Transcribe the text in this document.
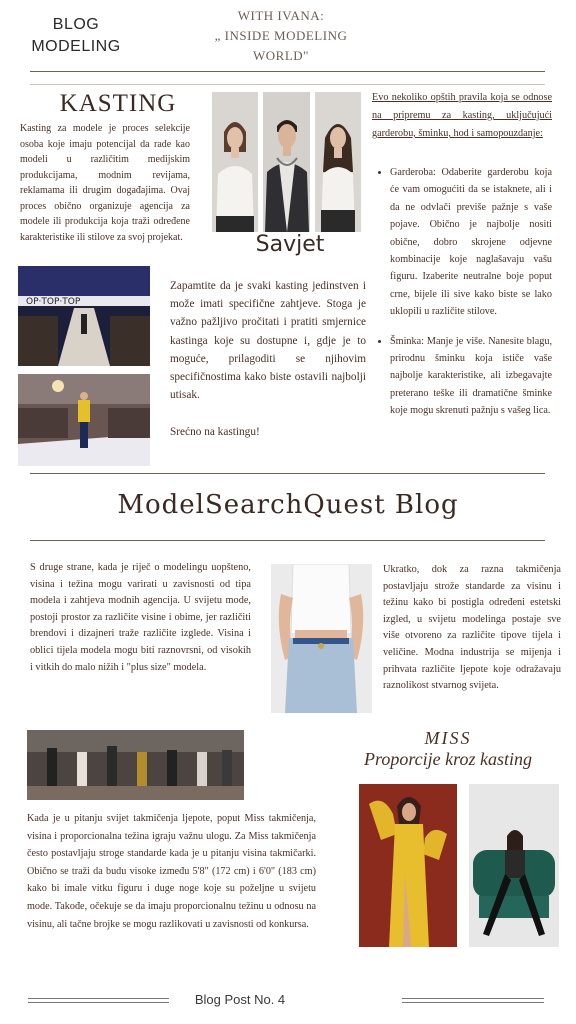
BLOG
MODELING
WITH IVANA:
„ INSIDE MODELING
WORLD"
KASTING
Kasting za modele je proces selekcije osoba koje imaju potencijal da rade kao modeli u različitim medijskim produkcijama, modnim revijama, reklamama ili drugim događajima. Ovaj proces obično organizuje agencija za modele ili produkcija koja traži određene karakteristike ili stilove za svoj projekat.	Savjet
OP·TOP·TOP
Zapamtite da je svaki kasting jedinstven i može imati specifične zahtjeve. Stoga je važno pažljivo pročitati i pratiti smjernice kastinga koje su dostupne i, gdje je to moguće, prilagoditi se njihovim specifičnostima kako biste ostavili najbolji utisak.
Srećno na kastingu!
Evo nekoliko opštih pravila koja se odnose na pripremu za kasting, uključujući garderobu, šminku, hod i samopouzdanje:
• Garderoba: Odaberite garderobu koja će vam omogućiti da se istaknete, ali i da ne odvlači previše pažnje s vaše pojave. Obično je najbolje nositi obične, dobro skrojene odjevne kombinacije koje naglašavaju vašu figuru. Izaberite neutralne boje poput crne, bijele ili sive kako biste se lako uklopili u različite stilove.
• Šminka: Manje je više. Nanesite blagu, prirodnu šminku koja ističe vaše najbolje karakteristike, ali izbegavajte preterano teške ili dramatične šminke koje mogu skrenuti pažnju s vašeg lica.
ModelSearchQuest Blog
S druge strane, kada je riječ o modelingu uopšteno, visina i težina mogu varirati u zavisnosti od tipa modela i zahtjeva modnih agencija. U svijetu mode, postoji prostor za različite visine i obime, jer različiti brendovi i dizajneri traže različite izglede. Visina i oblici tijela modela mogu biti raznovrsni, od visokih i vitkih do malo nižih i "plus size" modela.
Ukratko, dok za razna takmičenja postavljaju strože standarde za visinu i težinu kako bi postigla određeni estetski izgled, u svijetu modelinga postaje sve više otvoreno za različite tipove tijela i veličine. Modna industrija se mijenja i prihvata različite ljepote koje odražavaju raznolikost stvarnog svijeta.
MISS
Proporcije kroz kasting
Kada je u pitanju svijet takmičenja ljepote, poput Miss takmičenja, visina i proporcionalna težina igraju važnu ulogu. Za Miss takmičenja često postavljaju stroge standarde kada je u pitanju visina takmičarki. Obično se traži da budu visoke između 5'8" (172 cm) i 6'0" (183 cm) kako bi imale vitku figuru i duge noge koje su poželjne u svijetu mode. Takođe, očekuje se da imaju proporcionalnu težinu u odnosu na visinu, ali tačne brojke se mogu razlikovati u zavisnosti od konkursa.
Blog Post No. 4
